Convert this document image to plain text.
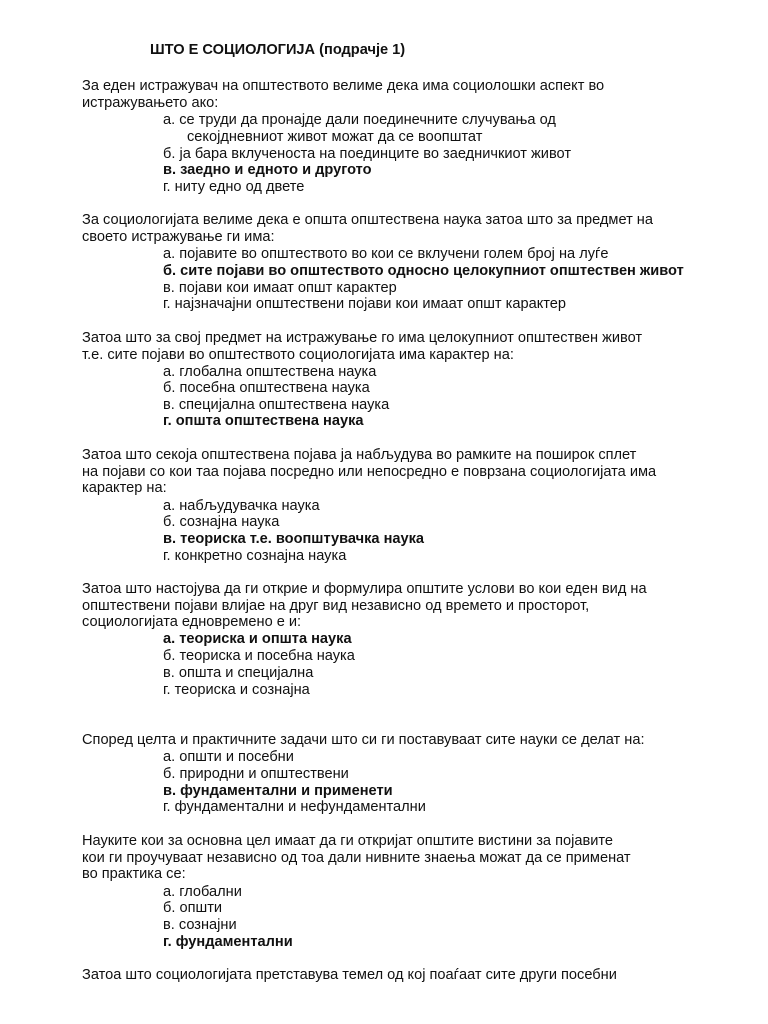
ШТО Е СОЦИОЛОГИЈА (подрачје 1)
За еден истражувач на општеството велиме дека има социолошки аспект во
истражувањето ако:
а. се труди да пронајде дали поединечните случувања од
секојдневниот живот можат да се воопштат
б. ја бара вклученоста на поединците во заедничкиот живот
в. заедно и едното и другото
г. ниту едно од двете
За социологијата велиме дека е општа општествена наука затоа што за предмет на
своето истражување ги има:
а. појавите во општеството во кои се вклучени голем број на луѓе
б. сите појави во општеството односно целокупниот општествен живот
в. појави кои имаат општ карактер
г. најзначајни општествени појави кои имаат општ карактер
Затоа што за свој предмет на истражување го има целокупниот општествен живот
т.е. сите појави во општеството социологијата има карактер на:
а. глобална општествена наука
б. посебна општествена наука
в. специјална општествена наука
г. општа општествена наука
Затоа што секоја општествена појава ја набљудува во рамките на поширок сплет
на појави со кои таа појава посредно или непосредно е поврзана социологијата има
карактер на:
а. набљудувачка наука
б. сознајна наука
в. теориска т.е. воопштувачка наука
г. конкретно сознајна наука
Затоа што настојува да ги открие и формулира општите услови во кои еден вид на
општествени појави влијае на друг вид независно од времето и просторот,
социологијата едновремено е и:
а. теориска и општа наука
б. теориска и посебна наука
в. општа и специјална
г. теориска и сознајна
Според целта и практичните задачи што си ги поставуваат сите науки се делат на:
а. општи и посебни
б. природни и општествени
в. фундаментални и применети
г. фундаментални и нефундаментални
Науките кои за основна цел имаат да ги откријат општите вистини за појавите
кои ги проучуваат независно од тоа дали нивните знаења можат да се применат
во практика се:
а. глобални
б. општи
в. сознајни
г. фундаментални
Затоа што социологијата претставува темел од кој поаѓаат сите други посебни
